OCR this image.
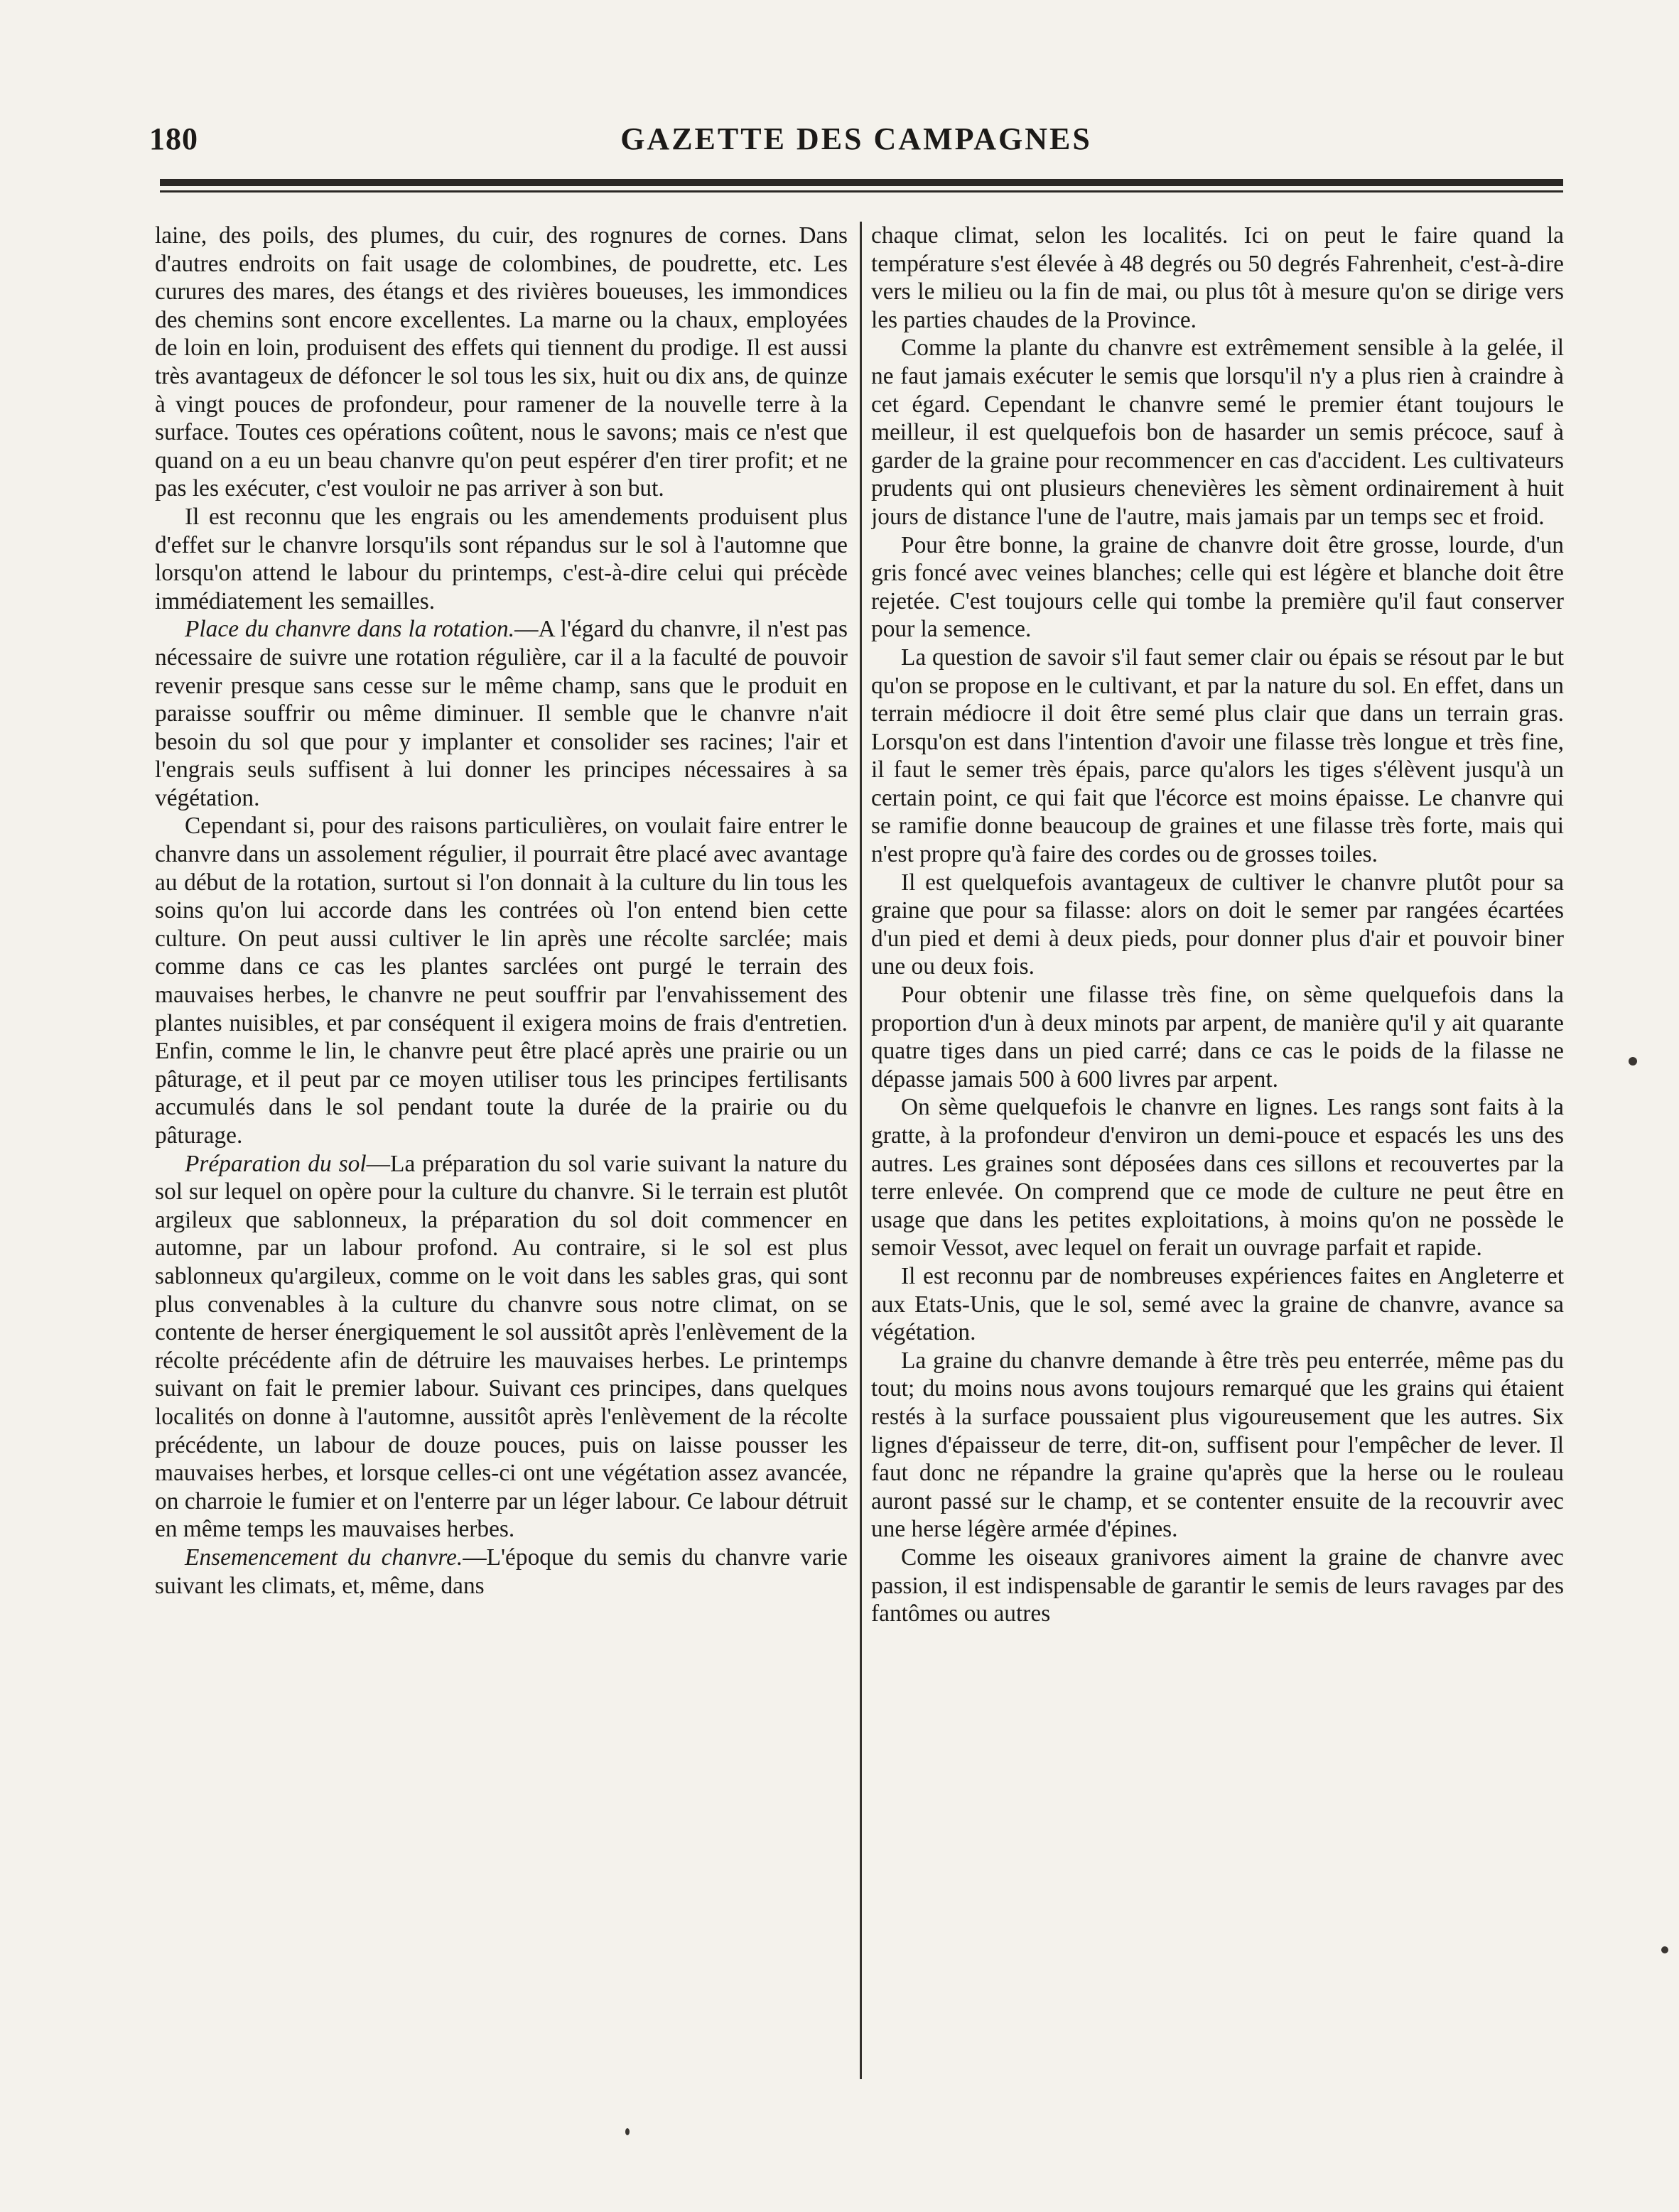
180	GAZETTE DES CAMPAGNES

laine, des poils, des plumes, du cuir, des rognures de cornes. Dans d'autres endroits on fait usage de colombines, de poudrette, etc. Les curures des mares, des étangs et des rivières boueuses, les immondices des chemins sont encore excellentes. La marne ou la chaux, employées de loin en loin, produisent des effets qui tiennent du prodige. Il est aussi très avantageux de défoncer le sol tous les six, huit ou dix ans, de quinze à vingt pouces de profondeur, pour ramener de la nouvelle terre à la surface. Toutes ces opérations coûtent, nous le savons; mais ce n'est que quand on a eu un beau chanvre qu'on peut espérer d'en tirer profit; et ne pas les exécuter, c'est vouloir ne pas arriver à son but.

Il est reconnu que les engrais ou les amendements produisent plus d'effet sur le chanvre lorsqu'ils sont répandus sur le sol à l'automne que lorsqu'on attend le labour du printemps, c'est-à-dire celui qui précède immédiatement les semailles.

Place du chanvre dans la rotation.—A l'égard du chanvre, il n'est pas nécessaire de suivre une rotation régulière, car il a la faculté de pouvoir revenir presque sans cesse sur le même champ, sans que le produit en paraisse souffrir ou même diminuer. Il semble que le chanvre n'ait besoin du sol que pour y implanter et consolider ses racines; l'air et l'engrais seuls suffisent à lui donner les principes nécessaires à sa végétation.

Cependant si, pour des raisons particulières, on voulait faire entrer le chanvre dans un assolement régulier, il pourrait être placé avec avantage au début de la rotation, surtout si l'on donnait à la culture du lin tous les soins qu'on lui accorde dans les contrées où l'on entend bien cette culture. On peut aussi cultiver le lin après une récolte sarclée; mais comme dans ce cas les plantes sarclées ont purgé le terrain des mauvaises herbes, le chanvre ne peut souffrir par l'envahissement des plantes nuisibles, et par conséquent il exigera moins de frais d'entretien. Enfin, comme le lin, le chanvre peut être placé après une prairie ou un pâturage, et il peut par ce moyen utiliser tous les principes fertilisants accumulés dans le sol pendant toute la durée de la prairie ou du pâturage.

Préparation du sol—La préparation du sol varie suivant la nature du sol sur lequel on opère pour la culture du chanvre. Si le terrain est plutôt argileux que sablonneux, la préparation du sol doit commencer en automne, par un labour profond. Au contraire, si le sol est plus sablonneux qu'argileux, comme on le voit dans les sables gras, qui sont plus convenables à la culture du chanvre sous notre climat, on se contente de herser énergiquement le sol aussitôt après l'enlèvement de la récolte précédente afin de détruire les mauvaises herbes. Le printemps suivant on fait le premier labour. Suivant ces principes, dans quelques localités on donne à l'automne, aussitôt après l'enlèvement de la récolte précédente, un labour de douze pouces, puis on laisse pousser les mauvaises herbes, et lorsque celles-ci ont une végétation assez avancée, on charroie le fumier et on l'enterre par un léger labour. Ce labour détruit en même temps les mauvaises herbes.

Ensemencement du chanvre.—L'époque du semis du chanvre varie suivant les climats, et, même, dans

chaque climat, selon les localités. Ici on peut le faire quand la température s'est élevée à 48 degrés ou 50 degrés Fahrenheit, c'est-à-dire vers le milieu ou la fin de mai, ou plus tôt à mesure qu'on se dirige vers les parties chaudes de la Province.

Comme la plante du chanvre est extrêmement sensible à la gelée, il ne faut jamais exécuter le semis que lorsqu'il n'y a plus rien à craindre à cet égard. Cependant le chanvre semé le premier étant toujours le meilleur, il est quelquefois bon de hasarder un semis précoce, sauf à garder de la graine pour recommencer en cas d'accident. Les cultivateurs prudents qui ont plusieurs chenevières les sèment ordinairement à huit jours de distance l'une de l'autre, mais jamais par un temps sec et froid.

Pour être bonne, la graine de chanvre doit être grosse, lourde, d'un gris foncé avec veines blanches; celle qui est légère et blanche doit être rejetée. C'est toujours celle qui tombe la première qu'il faut conserver pour la semence.

La question de savoir s'il faut semer clair ou épais se résout par le but qu'on se propose en le cultivant, et par la nature du sol. En effet, dans un terrain médiocre il doit être semé plus clair que dans un terrain gras. Lorsqu'on est dans l'intention d'avoir une filasse très longue et très fine, il faut le semer très épais, parce qu'alors les tiges s'élèvent jusqu'à un certain point, ce qui fait que l'écorce est moins épaisse. Le chanvre qui se ramifie donne beaucoup de graines et une filasse très forte, mais qui n'est propre qu'à faire des cordes ou de grosses toiles.

Il est quelquefois avantageux de cultiver le chanvre plutôt pour sa graine que pour sa filasse: alors on doit le semer par rangées écartées d'un pied et demi à deux pieds, pour donner plus d'air et pouvoir biner une ou deux fois.

Pour obtenir une filasse très fine, on sème quelquefois dans la proportion d'un à deux minots par arpent, de manière qu'il y ait quarante quatre tiges dans un pied carré; dans ce cas le poids de la filasse ne dépasse jamais 500 à 600 livres par arpent.

On sème quelquefois le chanvre en lignes. Les rangs sont faits à la gratte, à la profondeur d'environ un demi-pouce et espacés les uns des autres. Les graines sont déposées dans ces sillons et recouvertes par la terre enlevée. On comprend que ce mode de culture ne peut être en usage que dans les petites exploitations, à moins qu'on ne possède le semoir Vessot, avec lequel on ferait un ouvrage parfait et rapide.

Il est reconnu par de nombreuses expériences faites en Angleterre et aux Etats-Unis, que le sol, semé avec la graine de chanvre, avance sa végétation.

La graine du chanvre demande à être très peu enterrée, même pas du tout; du moins nous avons toujours remarqué que les grains qui étaient restés à la surface poussaient plus vigoureusement que les autres. Six lignes d'épaisseur de terre, dit-on, suffisent pour l'empêcher de lever. Il faut donc ne répandre la graine qu'après que la herse ou le rouleau auront passé sur le champ, et se contenter ensuite de la recouvrir avec une herse légère armée d'épines.

Comme les oiseaux granivores aiment la graine de chanvre avec passion, il est indispensable de garantir le semis de leurs ravages par des fantômes ou autres
